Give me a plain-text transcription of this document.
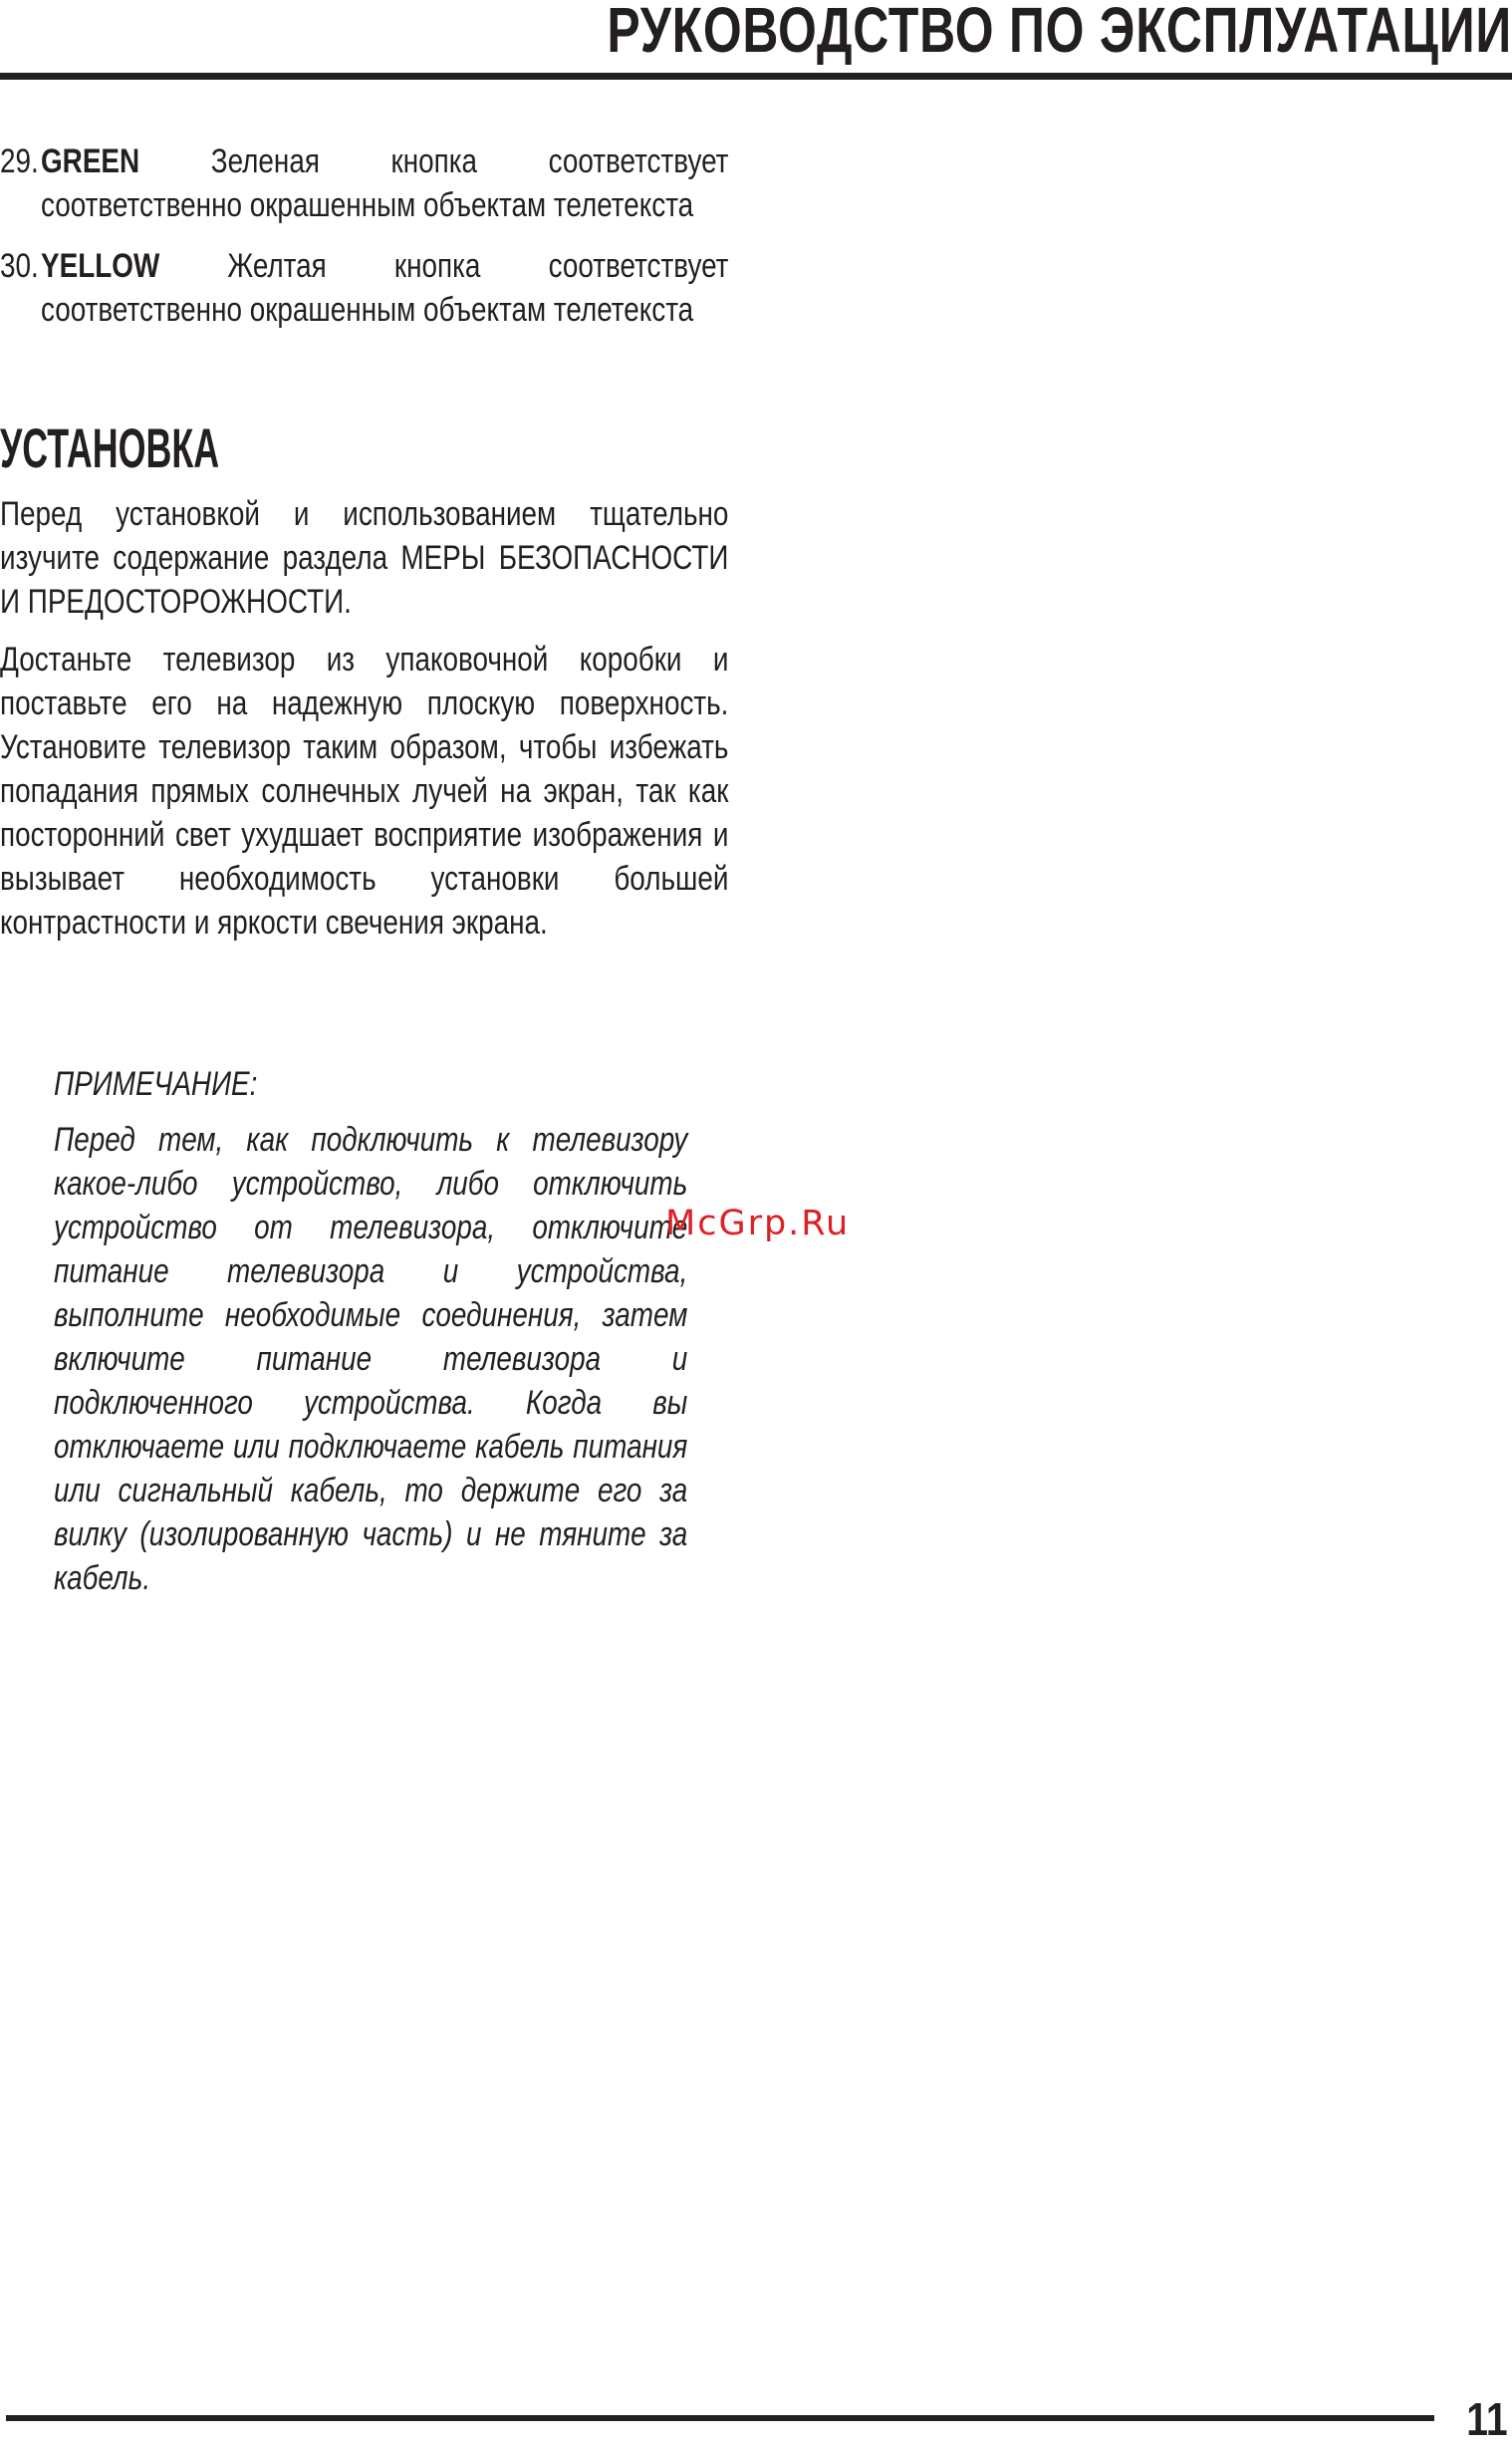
РУКОВОДСТВО ПО ЭКСПЛУАТАЦИИ
29. GREEN Зеленая кнопка соответствует соответственно окрашенным объектам телетекста
30. YELLOW Желтая кнопка соответствует соответственно окрашенным объектам телетекста
УСТАНОВКА

Перед установкой и использованием тщательно изучите содержание раздела МЕРЫ БЕЗОПАСНОСТИ И ПРЕДОСТОРОЖНОСТИ.

Достаньте телевизор из упаковочной коробки и поставьте его на надежную плоскую поверхность. Установите телевизор таким образом, чтобы избежать попадания прямых солнечных лучей на экран, так как посторонний свет ухудшает восприятие изображения и вызывает необходимость установки большей контрастности и яркости свечения экрана.

ПРИМЕЧАНИЕ:

Перед тем, как подключить к телевизору какое-либо устройство, либо отключить устройство от телевизора, отключите питание телевизора и устройства, выполните необходимые соединения, затем включите питание телевизора и подключенного устройства. Когда вы отключаете или подключаете кабель питания или сигнальный кабель, то держите его за вилку (изолированную часть) и не тяните за кабель.

McGrp.Ru
11
